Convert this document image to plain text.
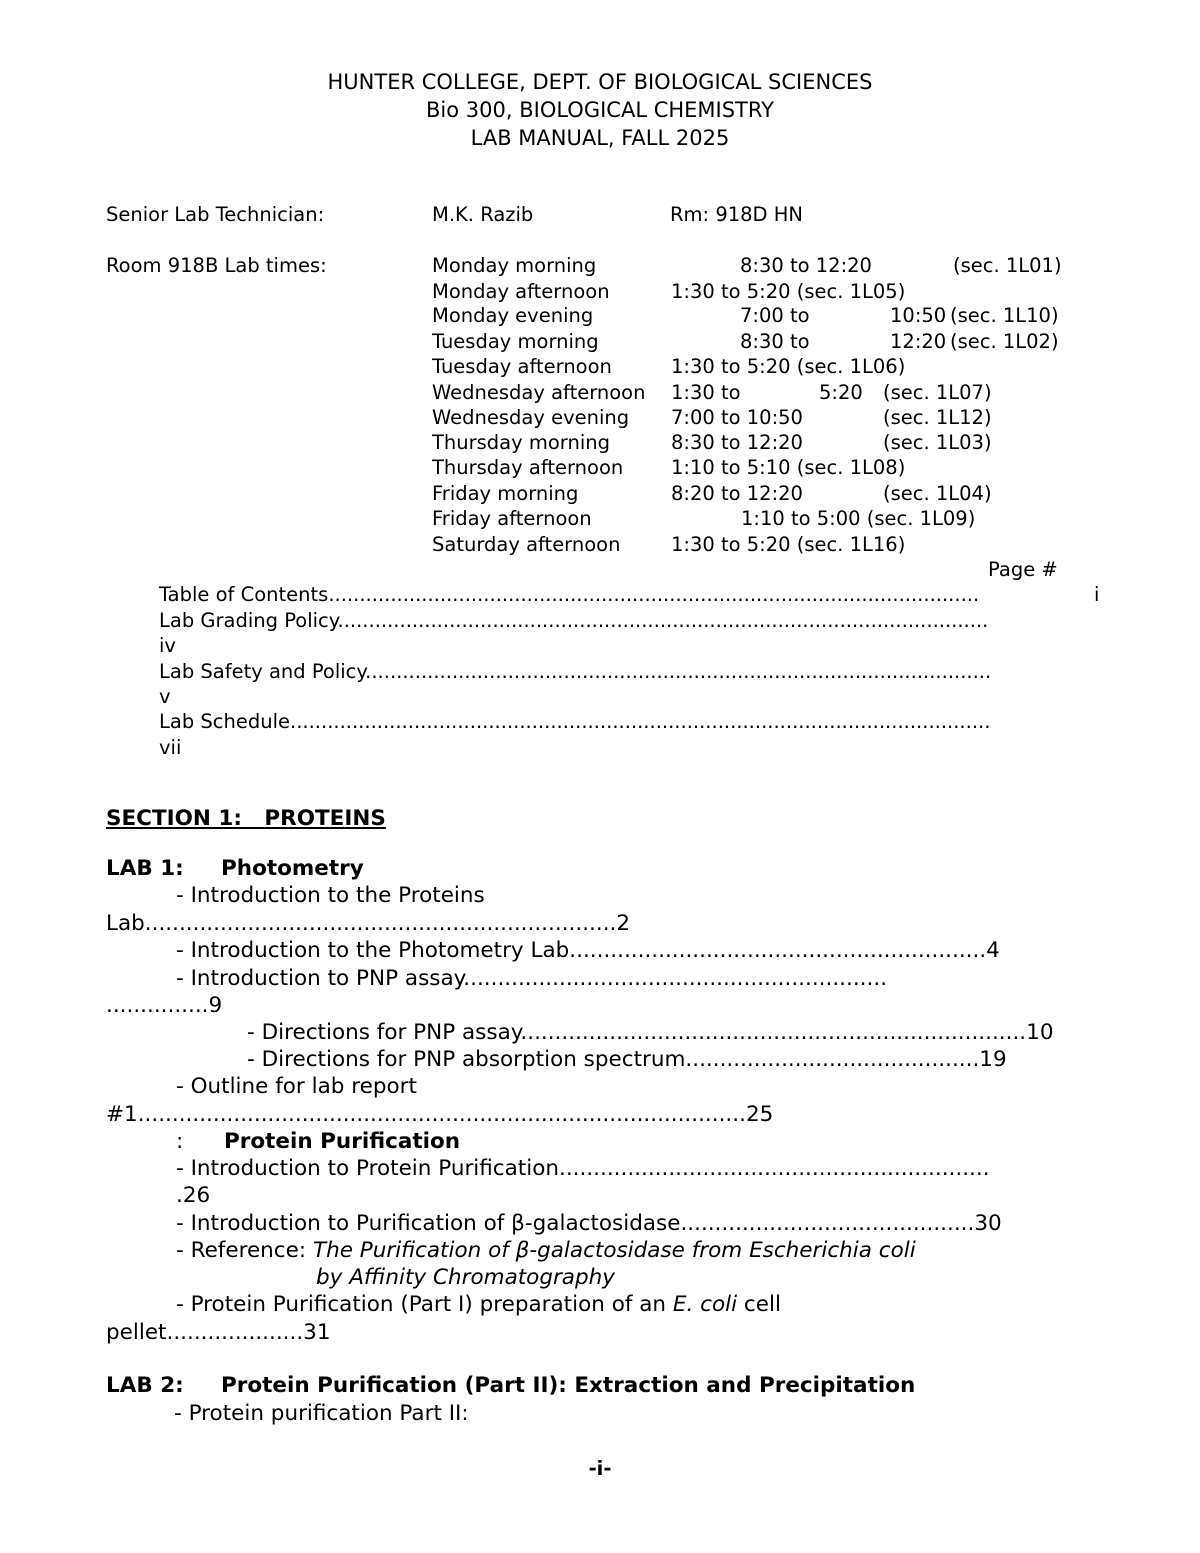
HUNTER COLLEGE, DEPT. OF BIOLOGICAL SCIENCES
Bio 300, BIOLOGICAL CHEMISTRY
LAB MANUAL, FALL 2025
Senior Lab Technician:	M.K. Razib	Rm: 918D HN
Room 918B Lab times:	Monday morning	8:30 to 12:20	(sec. 1L01)
Monday afternoon	1:30 to 5:20 (sec. 1L05)
Monday evening	7:00 to	10:50 (sec. 1L10)
Tuesday morning	8:30 to	12:20 (sec. 1L02)
Tuesday afternoon	1:30 to 5:20 (sec. 1L06)
Wednesday afternoon 1:30 to	5:20 (sec. 1L07)
Wednesday evening 7:00 to 10:50	(sec. 1L12)
Thursday morning	8:30 to 12:20	(sec. 1L03)
Thursday afternoon 1:10 to 5:10 (sec. 1L08)
Friday morning	8:20 to 12:20	(sec. 1L04)
Friday afternoon	1:10 to 5:00 (sec. 1L09)
Saturday afternoon	1:30 to 5:20 (sec. 1L16)
Page #
Table of Contents.........................................................................................................	i
Lab Grading Policy.........................................................................................................
iv
Lab Safety and Policy.....................................................................................................
v
Lab Schedule.................................................................................................................
vii
SECTION 1:   PROTEINS
LAB 1: Photometry
- Introduction to the Proteins
Lab.....................................................................2
- Introduction to the Photometry Lab.............................................................4
- Introduction to PNP assay..............................................................
...............9
- Directions for PNP assay..........................................................................10
- Directions for PNP absorption spectrum...........................................19
- Outline for lab report
#1.........................................................................................25
: Protein Purification
- Introduction to Protein Purification...............................................................
.26
- Introduction to Purification of β-galactosidase...........................................30
- Reference: The Purification of β-galactosidase from Escherichia coli
by Affinity Chromatography
- Protein Purification (Part I) preparation of an E. coli cell
pellet....................31
LAB 2: Protein Purification (Part II): Extraction and Precipitation
- Protein purification Part II:
-i-
